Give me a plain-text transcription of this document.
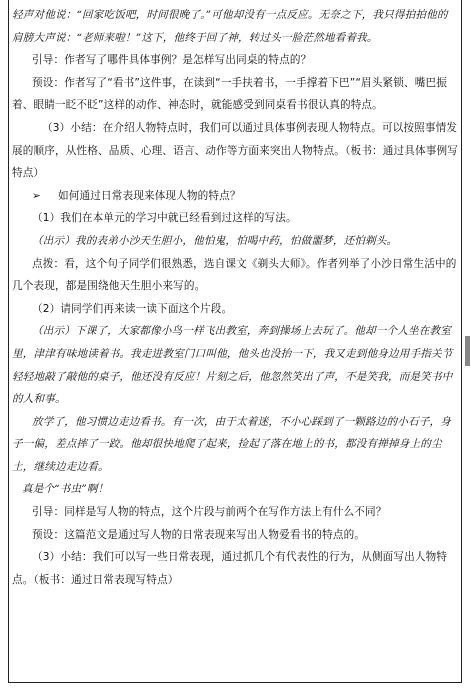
轻声对他说：“回家吃饭吧，时间很晚了。”可他却没有一点反应。无奈之下，我只得拍拍他的肩膀大声说：“老师来啦！”这下，他终于回了神，转过头一脸茫然地看着我。

引导：作者写了哪件具体事例？是怎样写出同桌的特点的？

预设：作者写了“看书”这件事，在读到“一手扶着书，一手撑着下巴”“眉头紧锁、嘴巴振着、眼睛一眨不眨”这样的动作、神态时，就能感受到同桌看书很认真的特点。

（3）小结：在介绍人物特点时，我们可以通过具体事例表现人物特点。可以按照事情发展的顺序，从性格、品质、心理、语言、动作等方面来突出人物特点。（板书：通过具体事例写特点）

➢ 如何通过日常表现来体现人物的特点？

（1）我们在本单元的学习中就已经看到过这样的写法。

（出示）我的表弟小沙天生胆小，他怕鬼，怕喝中药，怕做噩梦，还怕剃头。

点拨：看，这个句子同学们很熟悉，选自课文《剃头大师》。作者列举了小沙日常生活中的几个表现，都是围绕他天生胆小来写的。

（2）请同学们再来读一读下面这个片段。

（出示）下课了，大家都像小鸟一样飞出教室，奔到操场上去玩了。他却一个人坐在教室里，津津有味地读着书。我走进教室门口叫他，他头也没抬一下，我又走到他身边用手指关节轻轻地敲了敲他的桌子，他还没有反应！片刻之后，他忽然笑出了声，不是笑我，而是笑书中的人和事。

放学了，他习惯边走边看书。有一次，由于太着迷，不小心踩到了一颗路边的小石子，身子一偏，差点摔了一跤。他却很快地爬了起来，捡起了落在地上的书，都没有掸掉身上的尘土，继续边走边看。

真是个“书虫”啊！

引导：同样是写人物的特点，这个片段与前两个在写作方法上有什么不同？

预设：这篇范文是通过写人物的日常表现来写出人物爱看书的特点的。

（3）小结：我们可以写一些日常表现，通过抓几个有代表性的行为，从侧面写出人物特点。（板书：通过日常表现写特点）
